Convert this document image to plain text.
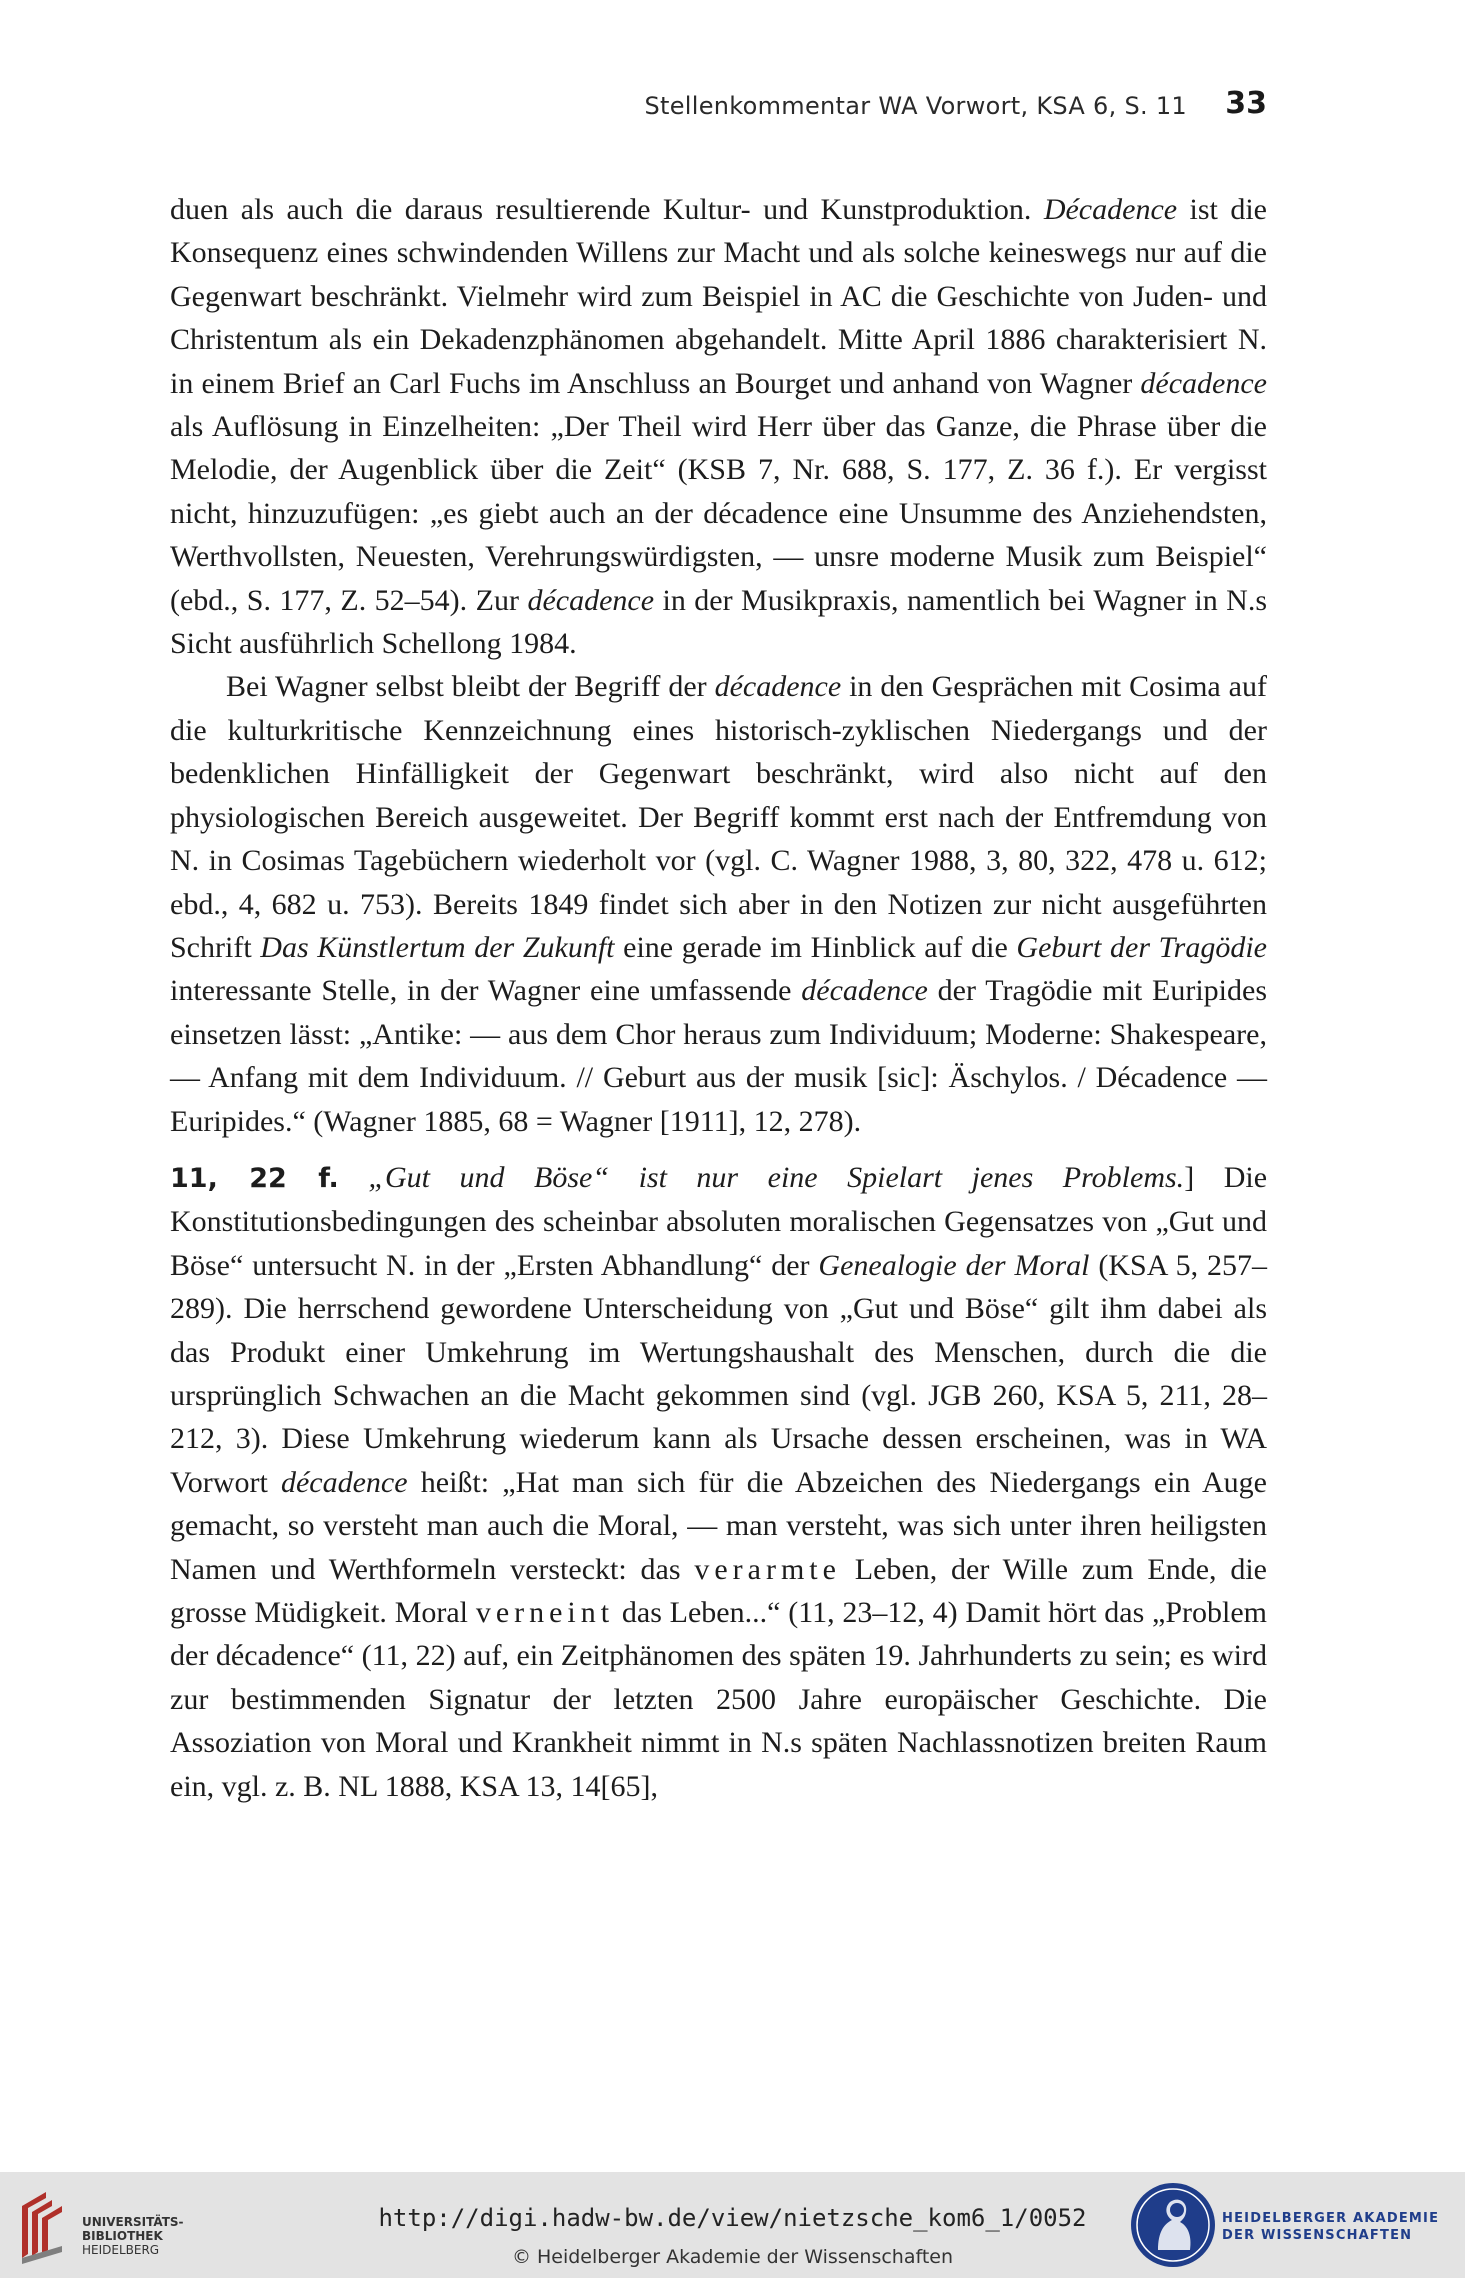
Stellenkommentar WA Vorwort, KSA 6, S. 11 33

duen als auch die daraus resultierende Kultur- und Kunstproduktion. Décadence ist die Konsequenz eines schwindenden Willens zur Macht und als solche keineswegs nur auf die Gegenwart beschränkt. Vielmehr wird zum Beispiel in AC die Geschichte von Juden- und Christentum als ein Dekadenzphänomen abgehandelt. Mitte April 1886 charakterisiert N. in einem Brief an Carl Fuchs im Anschluss an Bourget und anhand von Wagner décadence als Auflösung in Einzelheiten: „Der Theil wird Herr über das Ganze, die Phrase über die Melodie, der Augenblick über die Zeit“ (KSB 7, Nr. 688, S. 177, Z. 36 f.). Er vergisst nicht, hinzuzufügen: „es giebt auch an der décadence eine Unsumme des Anziehendsten, Werthvollsten, Neuesten, Verehrungswürdigsten, — unsre moderne Musik zum Beispiel“ (ebd., S. 177, Z. 52–54). Zur décadence in der Musikpraxis, namentlich bei Wagner in N.s Sicht ausführlich Schellong 1984.

Bei Wagner selbst bleibt der Begriff der décadence in den Gesprächen mit Cosima auf die kulturkritische Kennzeichnung eines historisch-zyklischen Niedergangs und der bedenklichen Hinfälligkeit der Gegenwart beschränkt, wird also nicht auf den physiologischen Bereich ausgeweitet. Der Begriff kommt erst nach der Entfremdung von N. in Cosimas Tagebüchern wiederholt vor (vgl. C. Wagner 1988, 3, 80, 322, 478 u. 612; ebd., 4, 682 u. 753). Bereits 1849 findet sich aber in den Notizen zur nicht ausgeführten Schrift Das Künstlertum der Zukunft eine gerade im Hinblick auf die Geburt der Tragödie interessante Stelle, in der Wagner eine umfassende décadence der Tragödie mit Euripides einsetzen lässt: „Antike: — aus dem Chor heraus zum Individuum; Moderne: Shakespeare, — Anfang mit dem Individuum. // Geburt aus der musik [sic]: Äschylos. / Décadence — Euripides.“ (Wagner 1885, 68 = Wagner [1911], 12, 278).

11, 22 f. „Gut und Böse“ ist nur eine Spielart jenes Problems.] Die Konstitutionsbedingungen des scheinbar absoluten moralischen Gegensatzes von „Gut und Böse“ untersucht N. in der „Ersten Abhandlung“ der Genealogie der Moral (KSA 5, 257–289). Die herrschend gewordene Unterscheidung von „Gut und Böse“ gilt ihm dabei als das Produkt einer Umkehrung im Wertungshaushalt des Menschen, durch die die ursprünglich Schwachen an die Macht gekommen sind (vgl. JGB 260, KSA 5, 211, 28–212, 3). Diese Umkehrung wiederum kann als Ursache dessen erscheinen, was in WA Vorwort décadence heißt: „Hat man sich für die Abzeichen des Niedergangs ein Auge gemacht, so versteht man auch die Moral, — man versteht, was sich unter ihren heiligsten Namen und Werthformeln versteckt: das verarmte Leben, der Wille zum Ende, die grosse Müdigkeit. Moral verneint das Leben...“ (11, 23–12, 4) Damit hört das „Problem der décadence“ (11, 22) auf, ein Zeitphänomen des späten 19. Jahrhunderts zu sein; es wird zur bestimmenden Signatur der letzten 2500 Jahre europäischer Geschichte. Die Assoziation von Moral und Krankheit nimmt in N.s späten Nachlassnotizen breiten Raum ein, vgl. z. B. NL 1888, KSA 13, 14[65],

UNIVERSITÄTS-
BIBLIOTHEK
HEIDELBERG
http://digi.hadw-bw.de/view/nietzsche_kom6_1/0052
© Heidelberger Akademie der Wissenschaften
HEIDELBERGER AKADEMIE
DER WISSENSCHAFTEN
